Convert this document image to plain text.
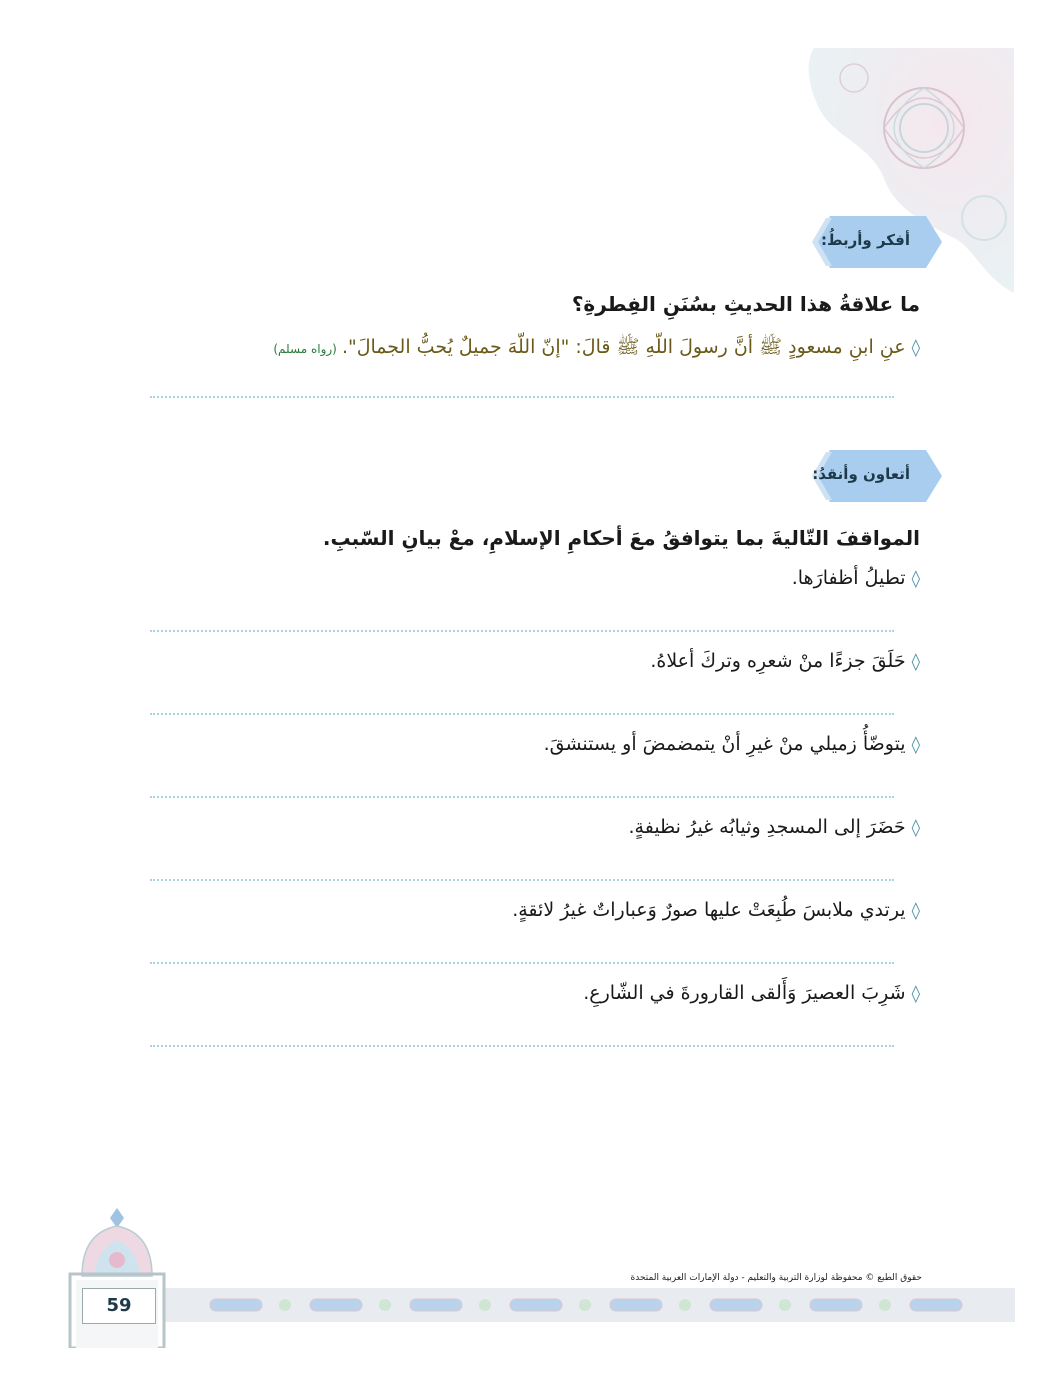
أفكر وأربطُ:
ما علاقةُ هذا الحديثِ بسُنَنِ الفِطرةِ؟
◊عنِ ابنِ مسعودٍ ﷺ أنَّ رسولَ اللّهِ ﷺ قالَ: "إنّ اللّهَ جميلٌ يُحبُّ الجمالَ". (رواه مسلم)
أتعاون وأنقدُ:
المواقفَ التّاليةَ بما يتوافقُ معَ أحكامِ الإسلامِ، معْ بيانِ السّببِ.
◊تطيلُ أظفارَها.
◊حَلَقَ جزءًا منْ شعرِه وتركَ أعلاهُ.
◊يتوضّأُ زميلي منْ غيرِ أنْ يتمضمضَ أو يستنشقَ.
◊حَضَرَ إلى المسجدِ وثيابُه غيرُ نظيفةٍ.
◊يرتدي ملابسَ طُبِعَتْ عليها صورٌ وَعباراتٌ غيرُ لائقةٍ.
◊شَرِبَ العصيرَ وَأَلقى القارورةَ في الشّارعِ.
حقوق الطبع © محفوظة لوزارة التربية والتعليم - دولة الإمارات العربية المتحدة
59
